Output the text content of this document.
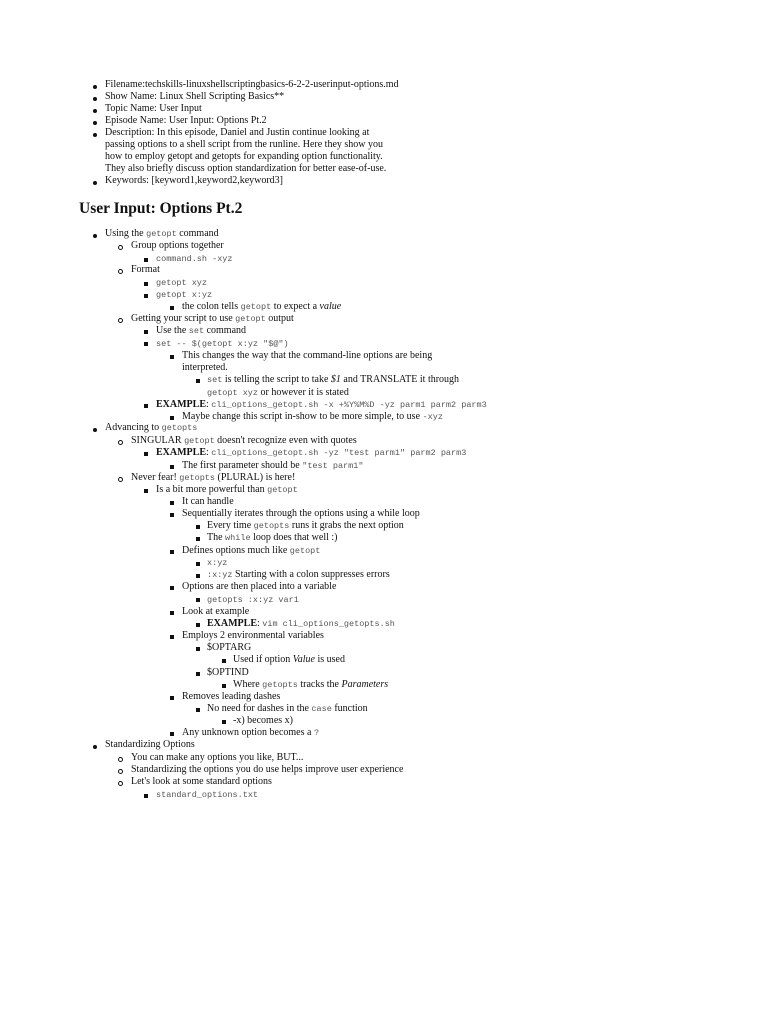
Filename:techskills-linuxshellscriptingbasics-6-2-2-userinput-options.md
Show Name: Linux Shell Scripting Basics**
Topic Name: User Input
Episode Name: User Input: Options Pt.2
Description: In this episode, Daniel and Justin continue looking at
passing options to a shell script from the runline. Here they show you
how to employ getopt and getopts for expanding option functionality.
They also briefly discuss option standardization for better ease-of-use.
Keywords: [keyword1,keyword2,keyword3]
User Input: Options Pt.2
Using the getopt command
Group options together
command.sh -xyz
Format
getopt xyz
getopt x:yz
the colon tells getopt to expect a value
Getting your script to use getopt output
Use the set command
set -- $(getopt x:yz "$@")
This changes the way that the command-line options are being
interpreted.
set is telling the script to take $1 and TRANSLATE it through
getopt xyz or however it is stated
EXAMPLE: cli_options_getopt.sh -x +%Y%M%D -yz parm1 parm2 parm3
Maybe change this script in-show to be more simple, to use -xyz
Advancing to getopts
SINGULAR getopt doesn't recognize even with quotes
EXAMPLE: cli_options_getopt.sh -yz "test parm1" parm2 parm3
The first parameter should be "test parm1"
Never fear! getopts (PLURAL) is here!
Is a bit more powerful than getopt
It can handle
Sequentially iterates through the options using a while loop
Every time getopts runs it grabs the next option
The while loop does that well :)
Defines options much like getopt
x:yz
:x:yz Starting with a colon suppresses errors
Options are then placed into a variable
getopts :x:yz var1
Look at example
EXAMPLE: vim cli_options_getopts.sh
Employs 2 environmental variables
$OPTARG
Used if option Value is used
$OPTIND
Where getopts tracks the Parameters
Removes leading dashes
No need for dashes in the case function
-x) becomes x)
Any unknown option becomes a ?
Standardizing Options
You can make any options you like, BUT...
Standardizing the options you do use helps improve user experience
Let's look at some standard options
standard_options.txt
